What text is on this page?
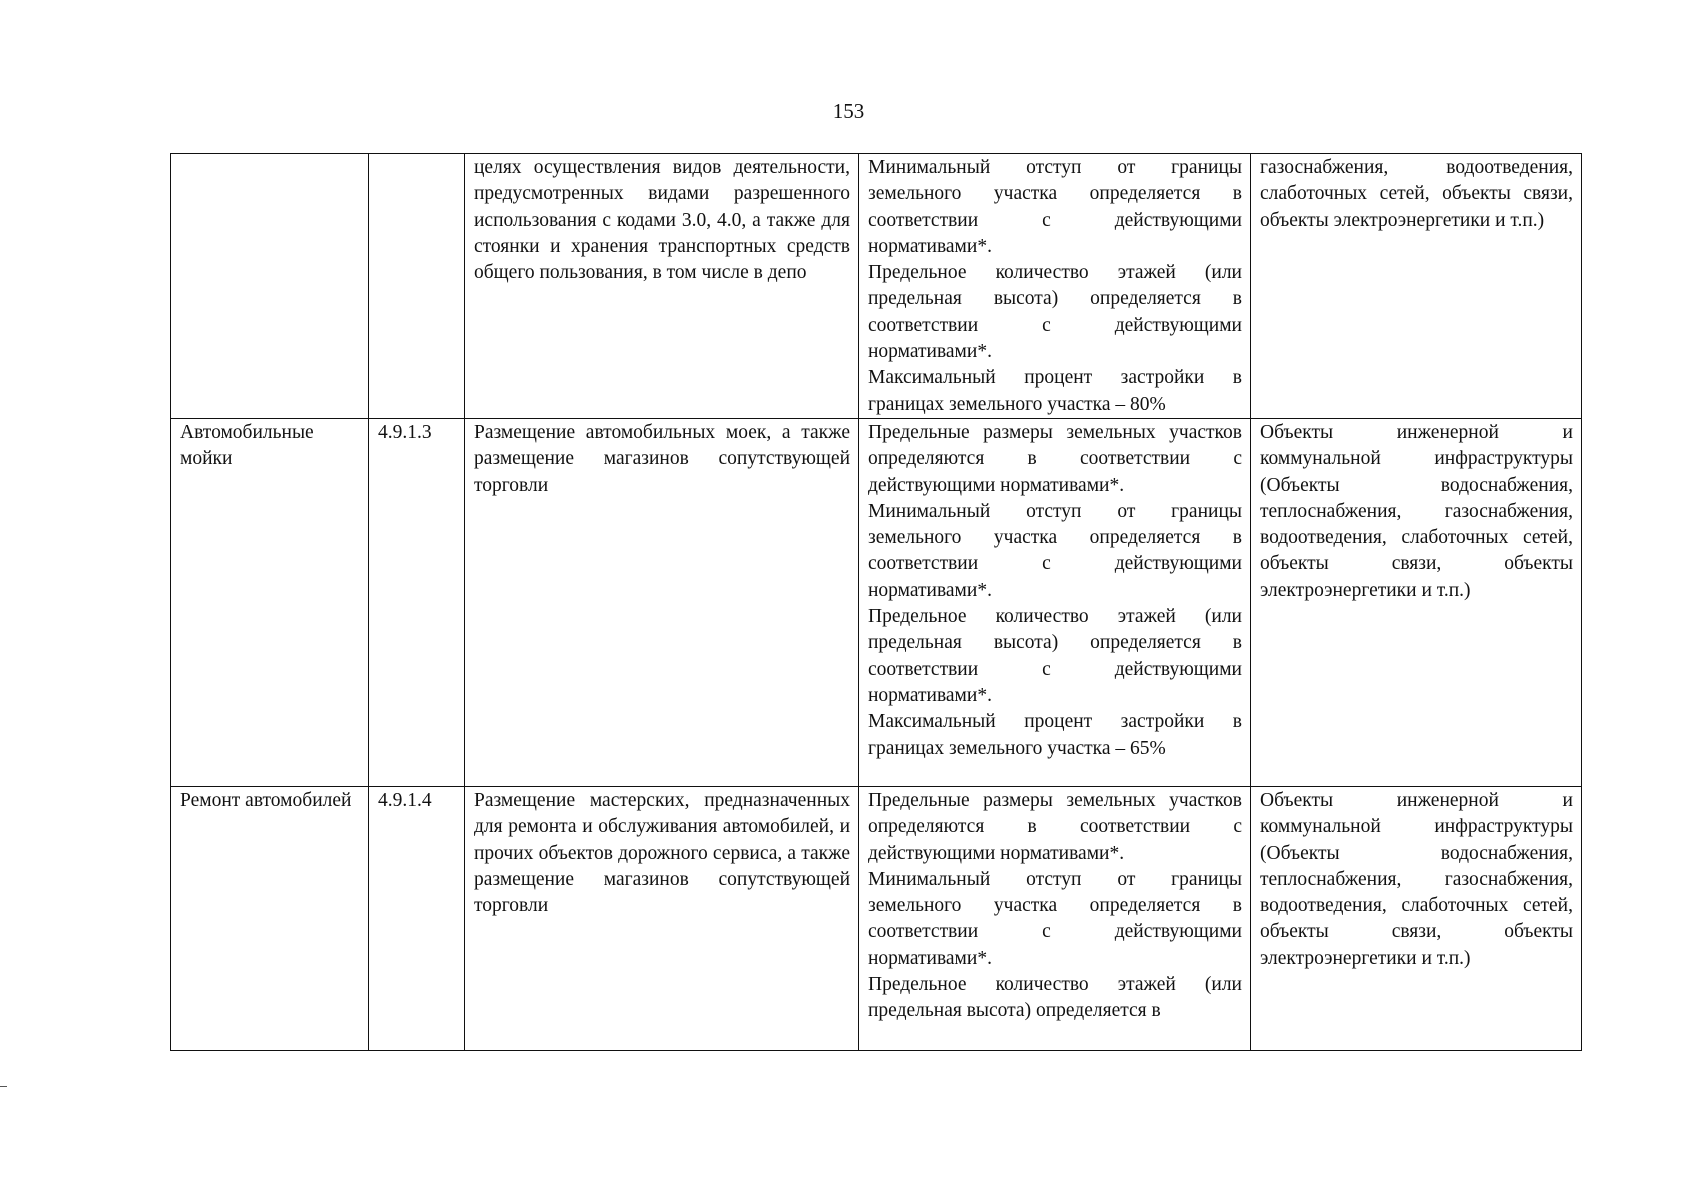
153
		целях осуществления видов деятельности, предусмотренных видами разрешенного использования с кодами 3.0, 4.0, а также для стоянки и хранения транспортных средств общего пользования, в том числе в депо	Минимальный отступ от границы земельного участка определяется в соответствии с действующими нормативами*.
Предельное количество этажей (или предельная высота) определяется в соответствии с действующими нормативами*.
Максимальный процент застройки в границах земельного участка – 80%	газоснабжения, водоотведения, слаботочных сетей, объекты связи, объекты электроэнергетики и т.п.)

Автомобильные мойки	4.9.1.3	Размещение автомобильных моек, а также размещение магазинов сопутствующей торговли	Предельные размеры земельных участков определяются в соответствии с действующими нормативами*.
Минимальный отступ от границы земельного участка определяется в соответствии с действующими нормативами*.
Предельное количество этажей (или предельная высота) определяется в соответствии с действующими нормативами*.
Максимальный процент застройки в границах земельного участка – 65%	Объекты инженерной и коммунальной инфраструктуры (Объекты водоснабжения, теплоснабжения, газоснабжения, водоотведения, слаботочных сетей, объекты связи, объекты электроэнергетики и т.п.)

Ремонт автомобилей	4.9.1.4	Размещение мастерских, предназначенных для ремонта и обслуживания автомобилей, и прочих объектов дорожного сервиса, а также размещение магазинов сопутствующей торговли	Предельные размеры земельных участков определяются в соответствии с действующими нормативами*.
Минимальный отступ от границы земельного участка определяется в соответствии с действующими нормативами*.
Предельное количество этажей (или предельная высота) определяется в	Объекты инженерной и коммунальной инфраструктуры (Объекты водоснабжения, теплоснабжения, газоснабжения, водоотведения, слаботочных сетей, объекты связи, объекты электроэнергетики и т.п.)
